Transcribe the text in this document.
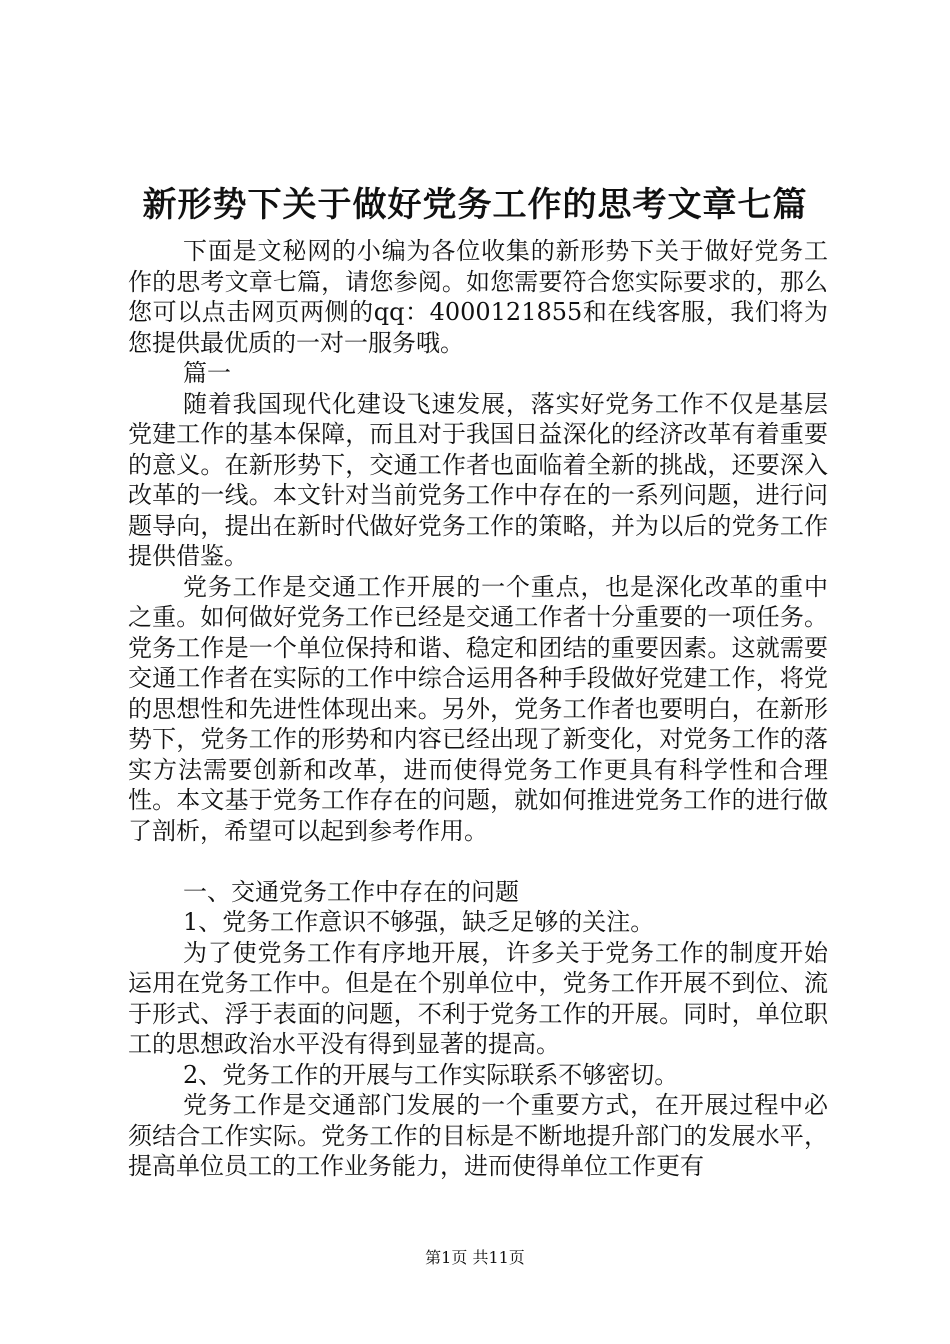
新形势下关于做好党务工作的思考文章七篇

下面是文秘网的小编为各位收集的新形势下关于做好党务工作的思考文章七篇，请您参阅。如您需要符合您实际要求的，那么您可以点击网页两侧的qq：4000121855和在线客服，我们将为您提供最优质的一对一服务哦。

篇一

随着我国现代化建设飞速发展，落实好党务工作不仅是基层党建工作的基本保障，而且对于我国日益深化的经济改革有着重要的意义。在新形势下，交通工作者也面临着全新的挑战，还要深入改革的一线。本文针对当前党务工作中存在的一系列问题，进行问题导向，提出在新时代做好党务工作的策略，并为以后的党务工作提供借鉴。

党务工作是交通工作开展的一个重点，也是深化改革的重中之重。如何做好党务工作已经是交通工作者十分重要的一项任务。党务工作是一个单位保持和谐、稳定和团结的重要因素。这就需要交通工作者在实际的工作中综合运用各种手段做好党建工作，将党的思想性和先进性体现出来。另外，党务工作者也要明白，在新形势下，党务工作的形势和内容已经出现了新变化，对党务工作的落实方法需要创新和改革，进而使得党务工作更具有科学性和合理性。本文基于党务工作存在的问题，就如何推进党务工作的进行做了剖析，希望可以起到参考作用。

一、交通党务工作中存在的问题

1、党务工作意识不够强，缺乏足够的关注。

为了使党务工作有序地开展，许多关于党务工作的制度开始运用在党务工作中。但是在个别单位中，党务工作开展不到位、流于形式、浮于表面的问题，不利于党务工作的开展。同时，单位职工的思想政治水平没有得到显著的提高。

2、党务工作的开展与工作实际联系不够密切。

党务工作是交通部门发展的一个重要方式，在开展过程中必须结合工作实际。党务工作的目标是不断地提升部门的发展水平，提高单位员工的工作业务能力，进而使得单位工作更有

第1页 共11页
